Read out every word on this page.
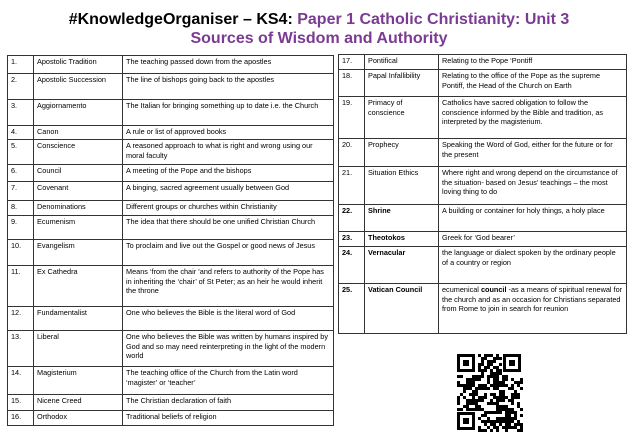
#KnowledgeOrganiser – KS4: Paper 1 Catholic Christianity: Unit 3
Sources of Wisdom and Authority
1.	Apostolic Tradition	The teaching passed down from the apostles
2.	Apostolic Succession	The line of bishops going back to the apostles
3.	Aggiornamento	The Italian for bringing something up to date i.e. the Church
4.	Canon	A rule or list of approved books
5.	Conscience	A reasoned approach to what is right and wrong using our moral faculty
6.	Council	A meeting of the Pope and the bishops
7.	Covenant	A binging, sacred agreement usually between God
8.	Denominations	Different groups or churches within Christianity
9.	Ecumenism	The idea that there should be one unified Christian Church
10.	Evangelism	To proclaim and live out the Gospel or good news of Jesus
11.	Ex Cathedra	Means ‘from the chair ’and refers to authority of the Pope has in inheriting the ‘chair’ of St Peter; as an heir he would inherit the throne
12.	Fundamentalist	One who believes the Bible is the literal word of God
13.	Liberal	One who believes the Bible was written by humans inspired by God and so may need reinterpreting in the light of the modern world
14.	Magisterium	The teaching office of the Church from the Latin word ‘magister’ or ‘teacher’
15.	Nicene Creed	The Christian declaration of faith
16.	Orthodox	Traditional beliefs of religion
17.	Pontifical	Relating to the Pope ‘Pontiff
18.	Papal Infallibility	Relating to the office of the Pope as the supreme Pontiff, the Head of the Church on Earth
19.	Primacy of conscience	Catholics have sacred obligation to follow the conscience informed by the Bible and tradition, as interpreted by the magisterium.
20.	Prophecy	Speaking the Word of God, either for the future or for the present
21.	Situation Ethics	Where right and wrong depend on the circumstance of the situation- based on Jesus’ teachings – the most loving thing to do
22.	Shrine	A building or container for holy things, a holy place
23.	Theotokos	Greek for ‘God bearer’
24.	Vernacular	the language or dialect spoken by the ordinary people of a country or region
25.	Vatican Council	ecumenical council -as a means of spiritual renewal for the church and as an occasion for Christians separated from Rome to join in search for reunion
